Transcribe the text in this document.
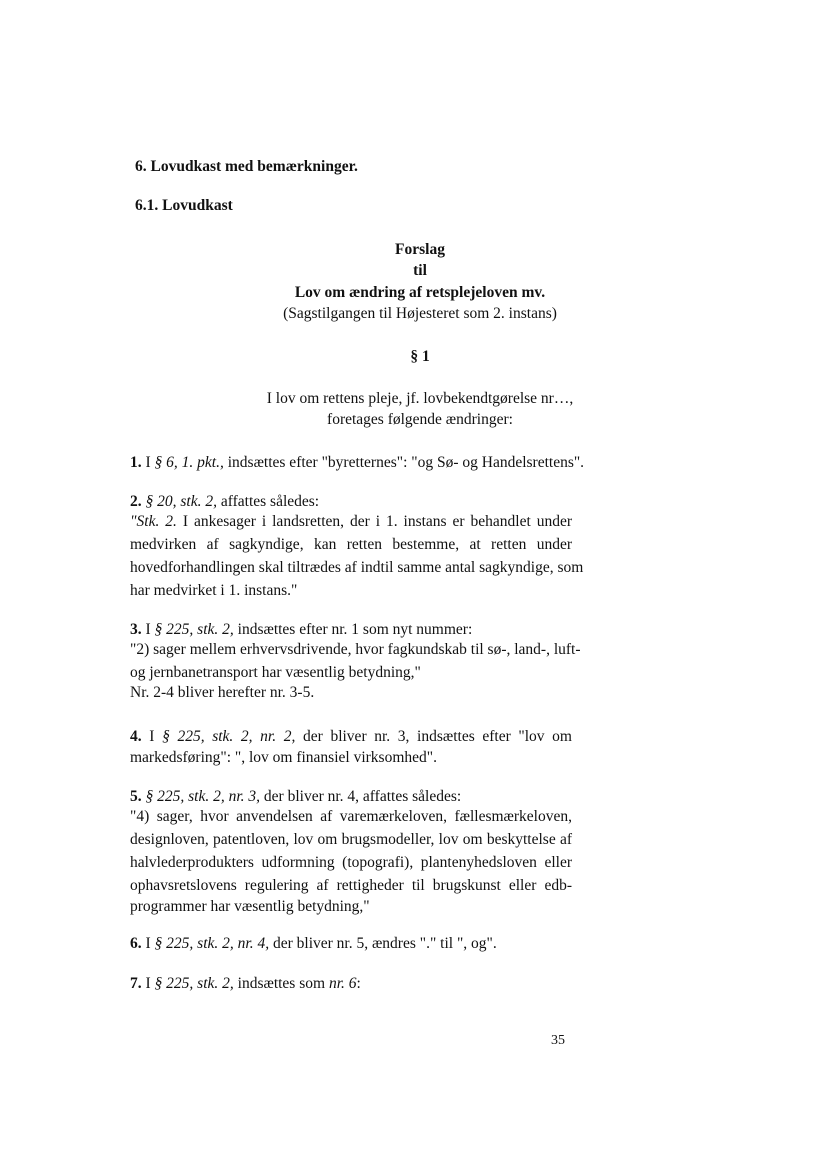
6. Lovudkast med bemærkninger.
6.1. Lovudkast
Forslag
til
Lov om ændring af retsplejeloven mv.
(Sagstilgangen til Højesteret som 2. instans)
§ 1
I lov om rettens pleje, jf. lovbekendtgørelse nr…,
foretages følgende ændringer:
1. I § 6, 1. pkt., indsættes efter "byretternes": "og Sø- og Handelsrettens".
2. § 20, stk. 2, affattes således:
"Stk. 2. I ankesager i landsretten, der i 1. instans er behandlet under
medvirken af sagkyndige, kan retten bestemme, at retten under
hovedforhandlingen skal tiltrædes af indtil samme antal sagkyndige, som
har medvirket i 1. instans."
3. I § 225, stk. 2, indsættes efter nr. 1 som nyt nummer:
"2) sager mellem erhvervsdrivende, hvor fagkundskab til sø-, land-, luft-
og jernbanetransport har væsentlig betydning,"
Nr. 2-4 bliver herefter nr. 3-5.
4. I § 225, stk. 2, nr. 2, der bliver nr. 3, indsættes efter "lov om
markedsføring": ", lov om finansiel virksomhed".
5. § 225, stk. 2, nr. 3, der bliver nr. 4, affattes således:
"4) sager, hvor anvendelsen af varemærkeloven, fællesmærkeloven,
designloven, patentloven, lov om brugsmodeller, lov om beskyttelse af
halvlederprodukters udformning (topografi), plantenyhedsloven eller
ophavsretslovens regulering af rettigheder til brugskunst eller edb-
programmer har væsentlig betydning,"
6. I § 225, stk. 2, nr. 4, der bliver nr. 5, ændres "." til ", og".
7. I § 225, stk. 2, indsættes som nr. 6:
35
